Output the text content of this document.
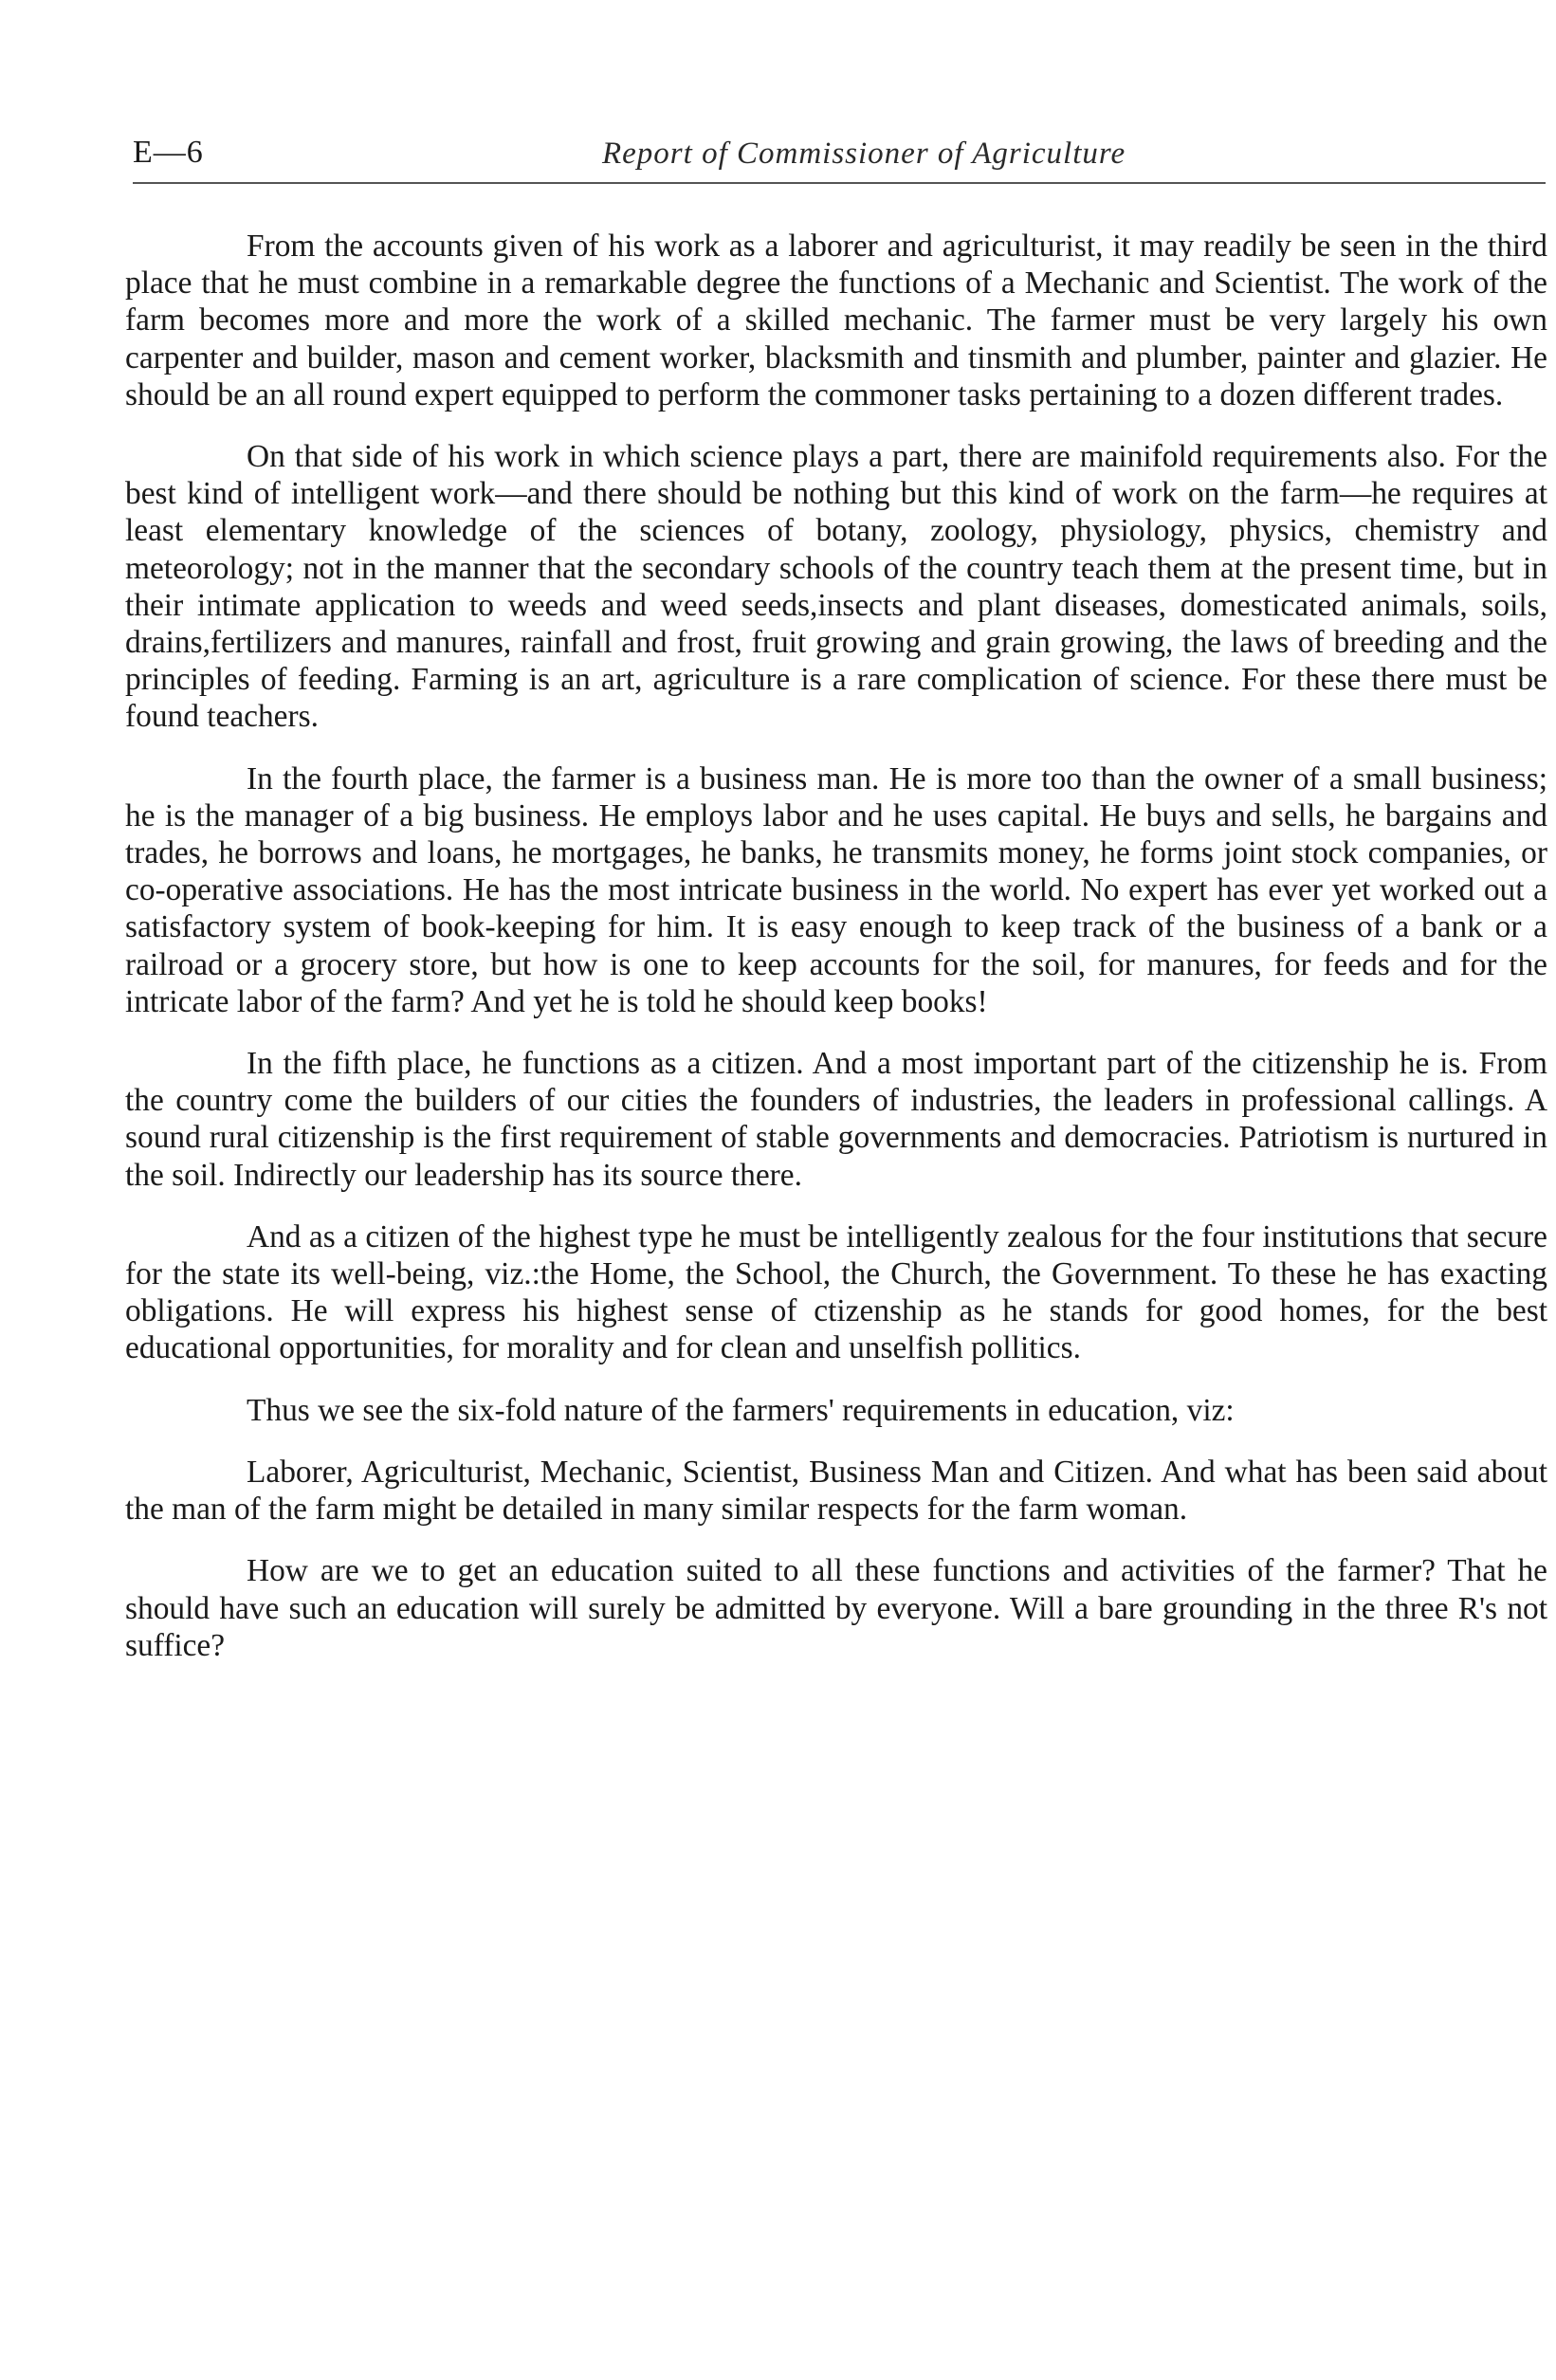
E—6	Report of Commissioner of Agriculture

From the accounts given of his work as a laborer and agriculturist, it may readily be seen in the third place that he must combine in a remarkable degree the functions of a Mechanic and Scientist. The work of the farm becomes more and more the work of a skilled mechanic. The farmer must be very largely his own carpenter and builder, mason and cement worker, blacksmith and tinsmith and plumber, painter and glazier. He should be an all round expert equipped to perform the commoner tasks pertaining to a dozen different trades.

On that side of his work in which science plays a part, there are mainifold requirements also. For the best kind of intelligent work—and there should be nothing but this kind of work on the farm—he requires at least elementary knowledge of the sciences of botany, zoology, physiology, physics, chemistry and meteorology; not in the manner that the secondary schools of the country teach them at the present time, but in their intimate application to weeds and weed seeds,insects and plant diseases, domesticated animals, soils, drains,fertilizers and manures, rainfall and frost, fruit growing and grain growing, the laws of breeding and the principles of feeding. Farming is an art, agriculture is a rare complication of science. For these there must be found teachers.

In the fourth place, the farmer is a business man. He is more too than the owner of a small business; he is the manager of a big business. He employs labor and he uses capital. He buys and sells, he bargains and trades, he borrows and loans, he mortgages, he banks, he transmits money, he forms joint stock companies, or co-operative associations. He has the most intricate business in the world. No expert has ever yet worked out a satisfactory system of book-keeping for him. It is easy enough to keep track of the business of a bank or a railroad or a grocery store, but how is one to keep accounts for the soil, for manures, for feeds and for the intricate labor of the farm? And yet he is told he should keep books!

In the fifth place, he functions as a citizen. And a most important part of the citizenship he is. From the country come the builders of our cities the founders of industries, the leaders in professional callings. A sound rural citizenship is the first requirement of stable governments and democracies. Patriotism is nurtured in the soil. Indirectly our leadership has its source there.

And as a citizen of the highest type he must be intelligently zealous for the four institutions that secure for the state its well-being, viz.:the Home, the School, the Church, the Government. To these he has exacting obligations. He will express his highest sense of ctizenship as he stands for good homes, for the best educational opportunities, for morality and for clean and unselfish pollitics.

Thus we see the six-fold nature of the farmers' requirements in education, viz:

Laborer, Agriculturist, Mechanic, Scientist, Business Man and Citizen. And what has been said about the man of the farm might be detailed in many similar respects for the farm woman.

How are we to get an education suited to all these functions and activities of the farmer? That he should have such an education will surely be admitted by everyone. Will a bare grounding in the three R's not suffice?
